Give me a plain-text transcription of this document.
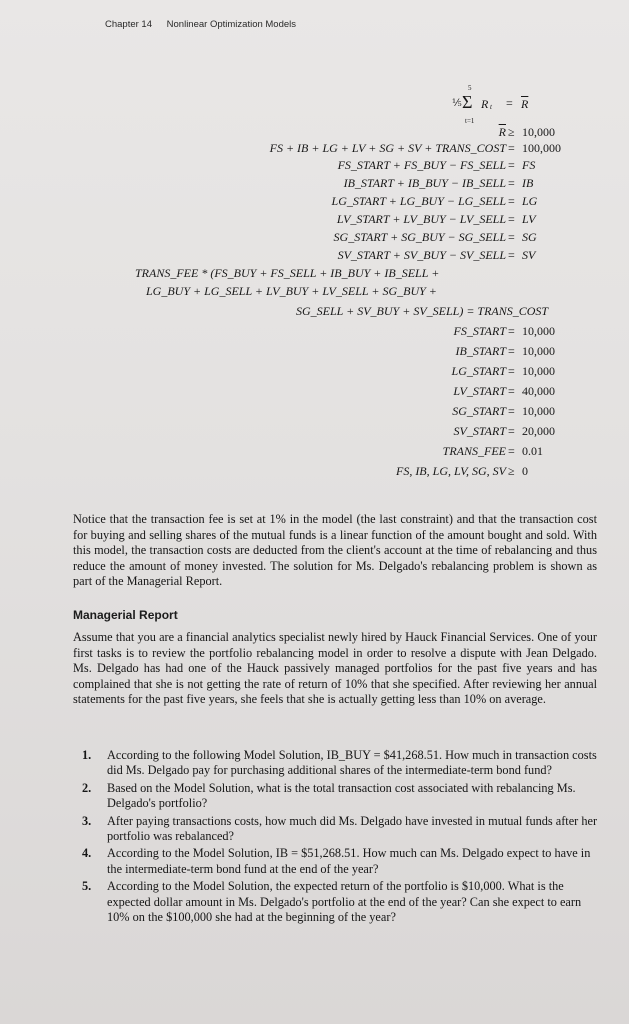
Chapter 14 Nonlinear Optimization Models
⅕
5
Σ
t=1
R $t = \overline{R}$
$\overline{R} \ge 10,000$
FS + IB + LG + LV + SG + SV + TRANS_COST = 100,000
FS_START + FS_BUY − FS_SELL = FS
IB_START + IB_BUY − IB_SELL = IB
LG_START + LG_BUY − LG_SELL = LG
LV_START + LV_BUY − LV_SELL = LV
SG_START + SG_BUY − SG_SELL = SG
SV_START + SV_BUY − SV_SELL = SV
TRANS_FEE * (FS_BUY + FS_SELL + IB_BUY + IB_SELL +
LG_BUY + LG_SELL + LV_BUY + LV_SELL + SG_BUY +
SG_SELL + SV_BUY + SV_SELL) = TRANS_COST
FS_START = 10,000
IB_START = 10,000
LG_START = 10,000
LV_START = 40,000
SG_START = 10,000
SV_START = 20,000
TRANS_FEE = 0.01
FS, IB, LG, LV, SG, SV ≥ 0

Notice that the transaction fee is set at 1% in the model (the last constraint) and that the transaction cost for buying and selling shares of the mutual funds is a linear function of the amount bought and sold. With this model, the transaction costs are deducted from the client's account at the time of rebalancing and thus reduce the amount of money invested. The solution for Ms. Delgado's rebalancing problem is shown as part of the Managerial Report.

Managerial Report

Assume that you are a financial analytics specialist newly hired by Hauck Financial Services. One of your first tasks is to review the portfolio rebalancing model in order to resolve a dispute with Jean Delgado. Ms. Delgado has had one of the Hauck passively managed portfolios for the past five years and has complained that she is not getting the rate of return of 10% that she specified. After reviewing her annual statements for the past five years, she feels that she is actually getting less than 10% on average.

1. According to the following Model Solution, IB_BUY = $41,268.51. How much in transaction costs did Ms. Delgado pay for purchasing additional shares of the intermediate-term bond fund?
2. Based on the Model Solution, what is the total transaction cost associated with rebalancing Ms. Delgado's portfolio?
3. After paying transactions costs, how much did Ms. Delgado have invested in mutual funds after her portfolio was rebalanced?
4. According to the Model Solution, IB = $51,268.51. How much can Ms. Delgado expect to have in the intermediate-term bond fund at the end of the year?
5. According to the Model Solution, the expected return of the portfolio is $10,000. What is the expected dollar amount in Ms. Delgado's portfolio at the end of the year? Can she expect to earn 10% on the $100,000 she had at the beginning of the year?
